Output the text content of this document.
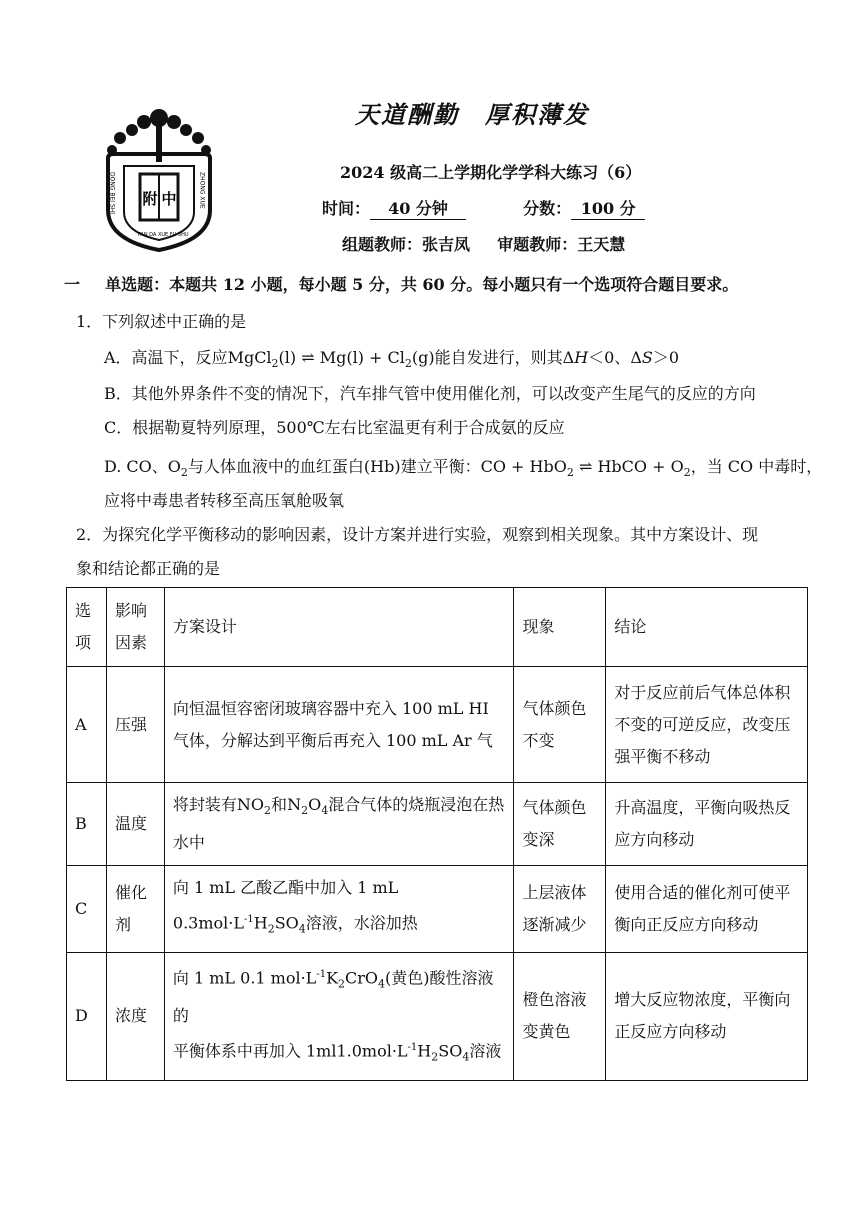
附 中
DONG BEI SHI	ZHONG XUE
FAN DA XUE FU SHU
天道酬勤　厚积薄发
2024 级高二上学期化学学科大练习（6）
时间： 40 分钟	分数： 100 分
组题教师：张吉凤 审题教师：王天慧
一 单选题：本题共 12 小题，每小题 5 分，共 60 分。每小题只有一个选项符合题目要求。
1．下列叙述中正确的是
A．高温下，反应MgCl$_2$(l) ⇌ $Mg(l) + Cl_2(g)$能自发进行，则其ΔH＜0、ΔS＞0
B．其他外界条件不变的情况下，汽车排气管中使用催化剂，可以改变产生尾气的反应的方向
C．根据勒夏特列原理，500℃左右比室温更有利于合成氨的反应
D. CO、$O_2$与人体血液中的血红蛋白(Hb)建立平衡：CO + HbO$_2$ ⇌ HbCO + $O_2$，当 CO 中毒时，
应将中毒患者转移至高压氧舱吸氧
2．为探究化学平衡移动的影响因素，设计方案并进行实验，观察到相关现象。其中方案设计、现
象和结论都正确的是
选项	影响因素	方案设计	现象	结论
A	压强	向恒温恒容密闭玻璃容器中充入 100 mL HI 气体，分解达到平衡后再充入 100 mL Ar 气	气体颜色不变	对于反应前后气体总体积不变的可逆反应，改变压强平衡不移动
B	温度	将封装有$NO_2$和$N_2O_4$混合气体的烧瓶浸泡在热水中	气体颜色变深	升高温度，平衡向吸热反应方向移动
C	催化剂	向 1 mL 乙酸乙酯中加入 1 mL
$0.3mol\cdot L^{-1}H_2SO_4$溶液，水浴加热	上层液体逐渐减少	使用合适的催化剂可使平衡向正反应方向移动
D	浓度	向 1 mL 0.1 $mol\cdot L^{-1}K_2CrO_4$(黄色)酸性溶液的
平衡体系中再加入 $1ml1.0mol\cdot L^{-1}H_2SO_4$溶液	橙色溶液变黄色	增大反应物浓度，平衡向正反应方向移动
